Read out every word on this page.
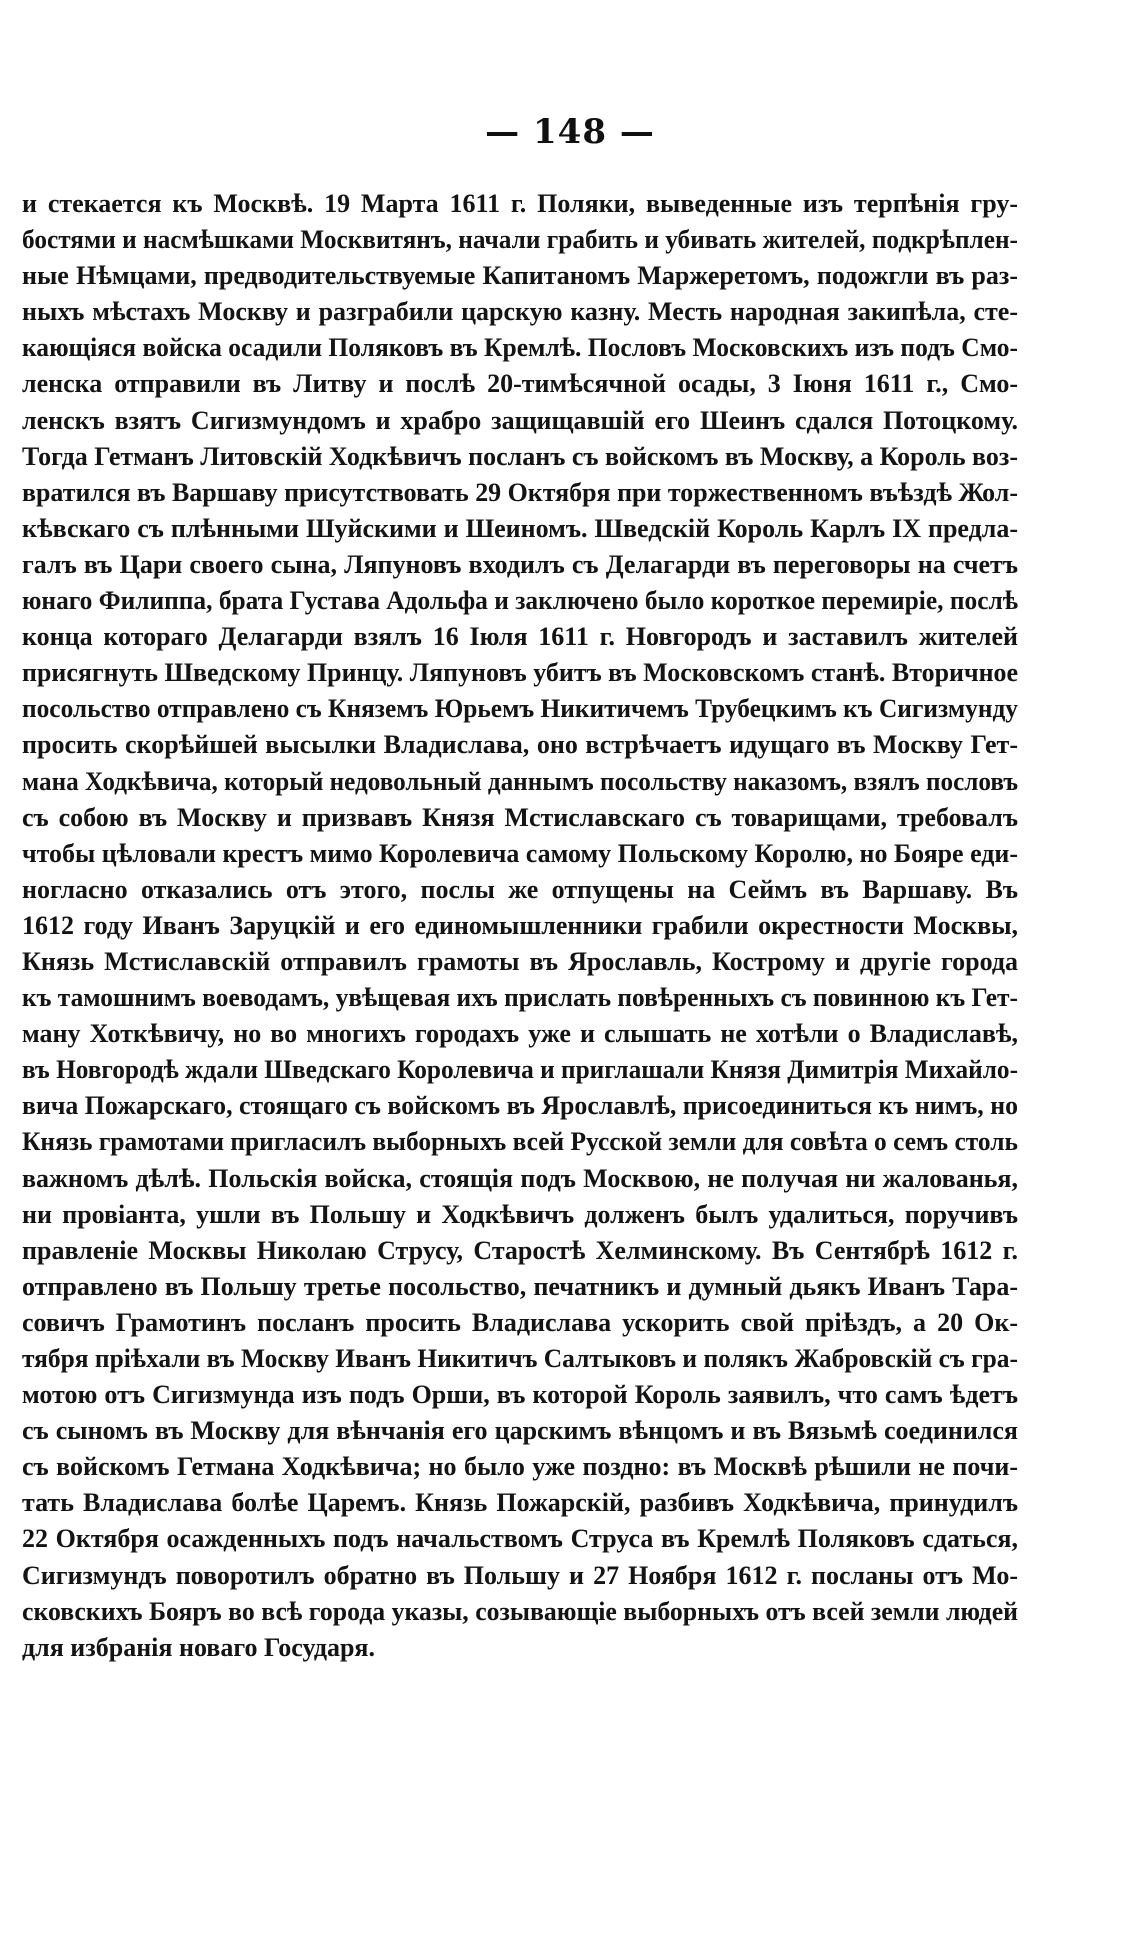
— 148 —
и стекается къ Москвѣ. 19 Марта 1611 г. Поляки, выведенные изъ терпѣнія гру-
бостями и насмѣшками Москвитянъ, начали грабить и убивать жителей, подкрѣплен-
ные Нѣмцами, предводительствуемые Капитаномъ Маржеретомъ, подожгли въ раз-
ныхъ мѣстахъ Москву и разграбили царскую казну. Месть народная закипѣла, сте-
кающіяся войска осадили Поляковъ въ Кремлѣ. Пословъ Московскихъ изъ подъ Смо-
ленска отправили въ Литву и послѣ 20-тимѣсячной осады, 3 Іюня 1611 г., Смо-
ленскъ взятъ Сигизмундомъ и храбро защищавшій его Шеинъ сдался Потоцкому.
Тогда Гетманъ Литовскій Ходкѣвичъ посланъ съ войскомъ въ Москву, а Король воз-
вратился въ Варшаву присутствовать 29 Октября при торжественномъ въѣздѣ Жол-
кѣвскаго съ плѣнными Шуйскими и Шеиномъ. Шведскій Король Карлъ IX предла-
галъ въ Цари своего сына, Ляпуновъ входилъ съ Делагарди въ переговоры на счетъ
юнаго Филиппа, брата Густава Адольфа и заключено было короткое перемиріе, послѣ
конца котораго Делагарди взялъ 16 Іюля 1611 г. Новгородъ и заставилъ жителей
присягнуть Шведскому Принцу. Ляпуновъ убитъ въ Московскомъ станѣ. Вторичное
посольство отправлено съ Княземъ Юрьемъ Никитичемъ Трубецкимъ къ Сигизмунду
просить скорѣйшей высылки Владислава, оно встрѣчаетъ идущаго въ Москву Гет-
мана Ходкѣвича, который недовольный даннымъ посольству наказомъ, взялъ пословъ
съ собою въ Москву и призвавъ Князя Мстиславскаго съ товарищами, требовалъ
чтобы цѣловали крестъ мимо Королевича самому Польскому Королю, но Бояре еди-
ногласно отказались отъ этого, послы же отпущены на Сеймъ въ Варшаву. Въ
1612 году Иванъ Заруцкій и его единомышленники грабили окрестности Москвы,
Князь Мстиславскій отправилъ грамоты въ Ярославль, Кострому и другіе города
къ тамошнимъ воеводамъ, увѣщевая ихъ прислать повѣренныхъ съ повинною къ Гет-
ману Хоткѣвичу, но во многихъ городахъ уже и слышать не хотѣли о Владиславѣ,
въ Новгородѣ ждали Шведскаго Королевича и приглашали Князя Димитрія Михайло-
вича Пожарскаго, стоящаго съ войскомъ въ Ярославлѣ, присоединиться къ нимъ, но
Князь грамотами пригласилъ выборныхъ всей Русской земли для совѣта о семъ столь
важномъ дѣлѣ. Польскія войска, стоящія подъ Москвою, не получая ни жалованья,
ни провіанта, ушли въ Польшу и Ходкѣвичъ долженъ былъ удалиться, поручивъ
правленіе Москвы Николаю Струсу, Старостѣ Хелминскому. Въ Сентябрѣ 1612 г.
отправлено въ Польшу третье посольство, печатникъ и думный дьякъ Иванъ Тара-
совичъ Грамотинъ посланъ просить Владислава ускорить свой пріѣздъ, а 20 Ок-
тября пріѣхали въ Москву Иванъ Никитичъ Салтыковъ и полякъ Жабровскій съ гра-
мотою отъ Сигизмунда изъ подъ Орши, въ которой Король заявилъ, что самъ ѣдетъ
съ сыномъ въ Москву для вѣнчанія его царскимъ вѣнцомъ и въ Вязьмѣ соединился
съ войскомъ Гетмана Ходкѣвича; но было уже поздно: въ Москвѣ рѣшили не почи-
тать Владислава болѣе Царемъ. Князь Пожарскій, разбивъ Ходкѣвича, принудилъ
22 Октября осажденныхъ подъ начальствомъ Струса въ Кремлѣ Поляковъ сдаться,
Сигизмундъ поворотилъ обратно въ Польшу и 27 Ноября 1612 г. посланы отъ Мо-
сковскихъ Бояръ во всѣ города указы, созывающіе выборныхъ отъ всей земли людей
для избранія новаго Государя.
